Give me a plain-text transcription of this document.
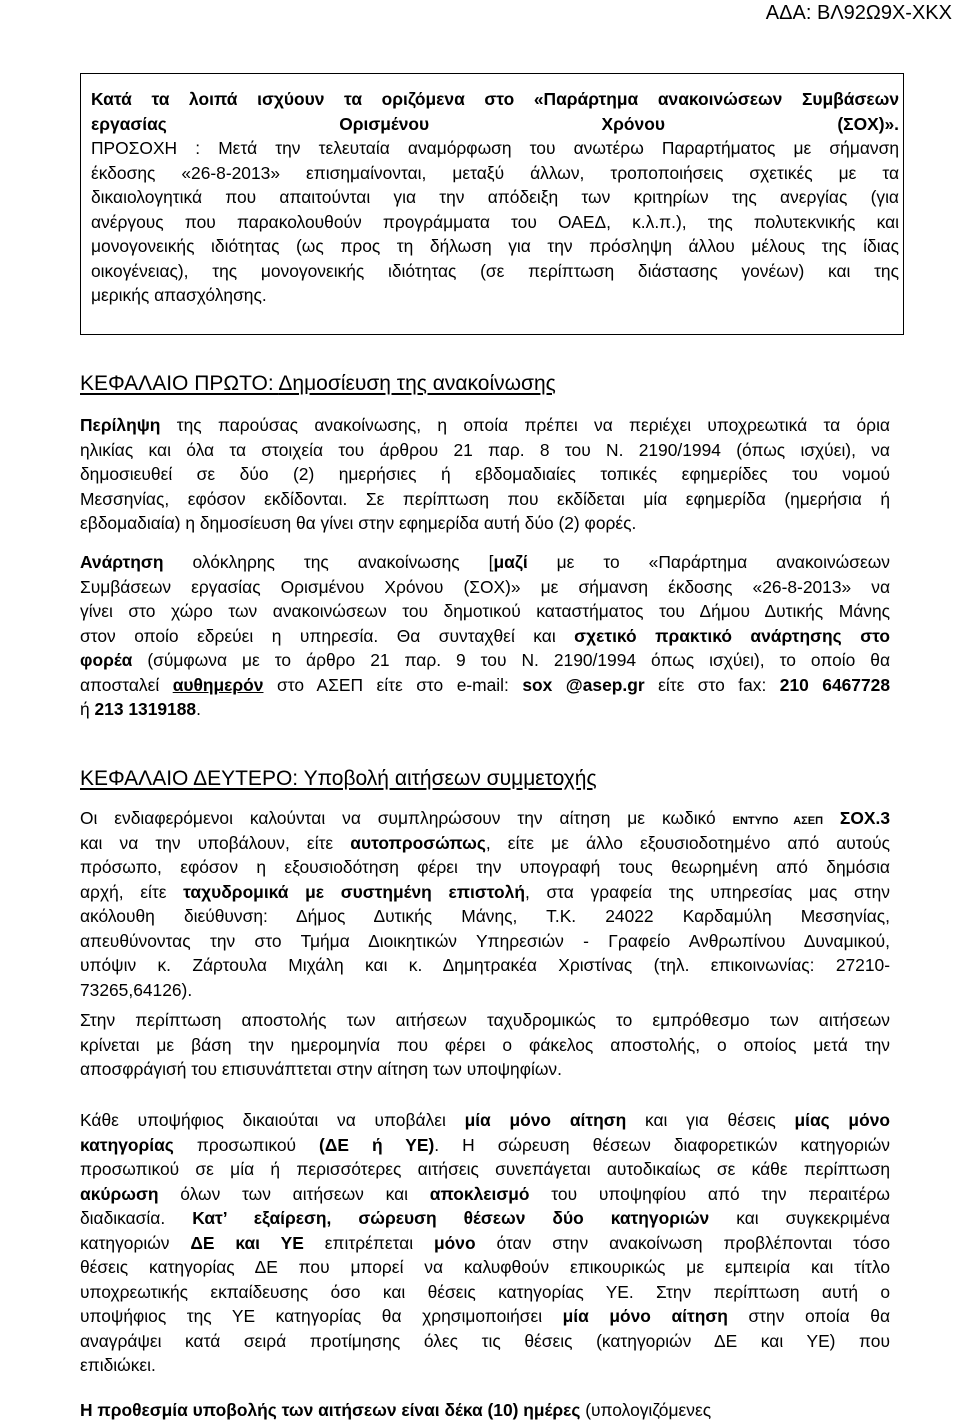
ΑΔΑ: ΒΛ92Ω9Χ-ΧΚΧ
Κατά τα λοιπά ισχύουν τα οριζόμενα στο «Παράρτημα ανακοινώσεων Συμβάσεων
εργασίας Ορισμένου Χρόνου (ΣΟΧ)».
ΠΡΟΣΟΧΗ : Μετά την τελευταία αναμόρφωση του ανωτέρω Παραρτήματος με σήμανση
έκδοσης «26-8-2013» επισημαίνονται, μεταξύ άλλων, τροποποιήσεις σχετικές με τα
δικαιολογητικά που απαιτούνται για την απόδειξη των κριτηρίων της ανεργίας (για
ανέργους που παρακολουθούν προγράμματα του ΟΑΕΔ, κ.λ.π.), της πολυτεκνικής και
μονογονεικής ιδιότητας (ως προς τη δήλωση για την πρόσληψη άλλου μέλους της ίδιας
οικογένειας), της μονογονεικής ιδιότητας (σε περίπτωση διάστασης γονέων) και της
μερικής απασχόλησης.
ΚΕΦΑΛΑΙΟ ΠΡΩΤΟ: Δημοσίευση της ανακοίνωσης
Περίληψη της παρούσας ανακοίνωσης, η οποία πρέπει να περιέχει υποχρεωτικά τα όρια
ηλικίας και όλα τα στοιχεία του άρθρου 21 παρ. 8 του Ν. 2190/1994 (όπως ισχύει), να
δημοσιευθεί σε δύο (2) ημερήσιες ή εβδομαδιαίες τοπικές εφημερίδες του νομού
Μεσσηνίας, εφόσον εκδίδονται. Σε περίπτωση που εκδίδεται μία εφημερίδα (ημερήσια ή
εβδομαδιαία) η δημοσίευση θα γίνει στην εφημερίδα αυτή δύο (2) φορές.
Ανάρτηση ολόκληρης της ανακοίνωσης [μαζί με το «Παράρτημα ανακοινώσεων
Συμβάσεων εργασίας Ορισμένου Χρόνου (ΣΟΧ)» με σήμανση έκδοσης «26-8-2013» να
γίνει στο χώρο των ανακοινώσεων του δημοτικού καταστήματος του Δήμου Δυτικής Μάνης
στον οποίο εδρεύει η υπηρεσία. Θα συνταχθεί και σχετικό πρακτικό ανάρτησης στο
φορέα (σύμφωνα με το άρθρο 21 παρ. 9 του Ν. 2190/1994 όπως ισχύει), το οποίο θα
αποσταλεί αυθημερόν στο ΑΣΕΠ είτε στο e-mail: sox @asep.gr είτε στο fax: 210 6467728
ή 213 1319188.
ΚΕΦΑΛΑΙΟ ΔΕΥΤΕΡΟ: Υποβολή αιτήσεων συμμετοχής
Οι ενδιαφερόμενοι καλούνται να συμπληρώσουν την αίτηση με κωδικό ΕΝΤΥΠΟ ΑΣΕΠ ΣΟΧ.3
και να την υποβάλουν, είτε αυτοπροσώπως, είτε με άλλο εξουσιοδοτημένο από αυτούς
πρόσωπο, εφόσον η εξουσιοδότηση φέρει την υπογραφή τους θεωρημένη από δημόσια
αρχή, είτε ταχυδρομικά με συστημένη επιστολή, στα γραφεία της υπηρεσίας μας στην
ακόλουθη διεύθυνση: Δήμος Δυτικής Μάνης, Τ.Κ. 24022 Καρδαμύλη Μεσσηνίας,
απευθύνοντας την στο Τμήμα Διοικητικών Υπηρεσιών - Γραφείο Ανθρωπίνου Δυναμικού,
υπόψιν κ. Ζάρτουλα Μιχάλη και κ. Δημητρακέα Χριστίνας (τηλ. επικοινωνίας: 27210-
73265,64126).
Στην περίπτωση αποστολής των αιτήσεων ταχυδρομικώς το εμπρόθεσμο των αιτήσεων
κρίνεται με βάση την ημερομηνία που φέρει ο φάκελος αποστολής, ο οποίος μετά την
αποσφράγισή του επισυνάπτεται στην αίτηση των υποψηφίων.
Κάθε υποψήφιος δικαιούται να υποβάλει μία μόνο αίτηση και για θέσεις μίας μόνο
κατηγορίας προσωπικού (ΔΕ ή ΥΕ). Η σώρευση θέσεων διαφορετικών κατηγοριών
προσωπικού σε μία ή περισσότερες αιτήσεις συνεπάγεται αυτοδικαίως σε κάθε περίπτωση
ακύρωση όλων των αιτήσεων και αποκλεισμό του υποψηφίου από την περαιτέρω
διαδικασία. Κατ’ εξαίρεση, σώρευση θέσεων δύο κατηγοριών και συγκεκριμένα
κατηγοριών ΔΕ και ΥΕ επιτρέπεται μόνο όταν στην ανακοίνωση προβλέπονται τόσο
θέσεις κατηγορίας ΔΕ που μπορεί να καλυφθούν επικουρικώς με εμπειρία και τίτλο
υποχρεωτικής εκπαίδευσης όσο και θέσεις κατηγορίας ΥΕ. Στην περίπτωση αυτή ο
υποψήφιος της ΥΕ κατηγορίας θα χρησιμοποιήσει μία μόνο αίτηση στην οποία θα
αναγράψει κατά σειρά προτίμησης όλες τις θέσεις (κατηγοριών ΔΕ και ΥΕ) που
επιδιώκει.
Η προθεσμία υποβολής των αιτήσεων είναι δέκα (10) ημέρες (υπολογιζόμενες
